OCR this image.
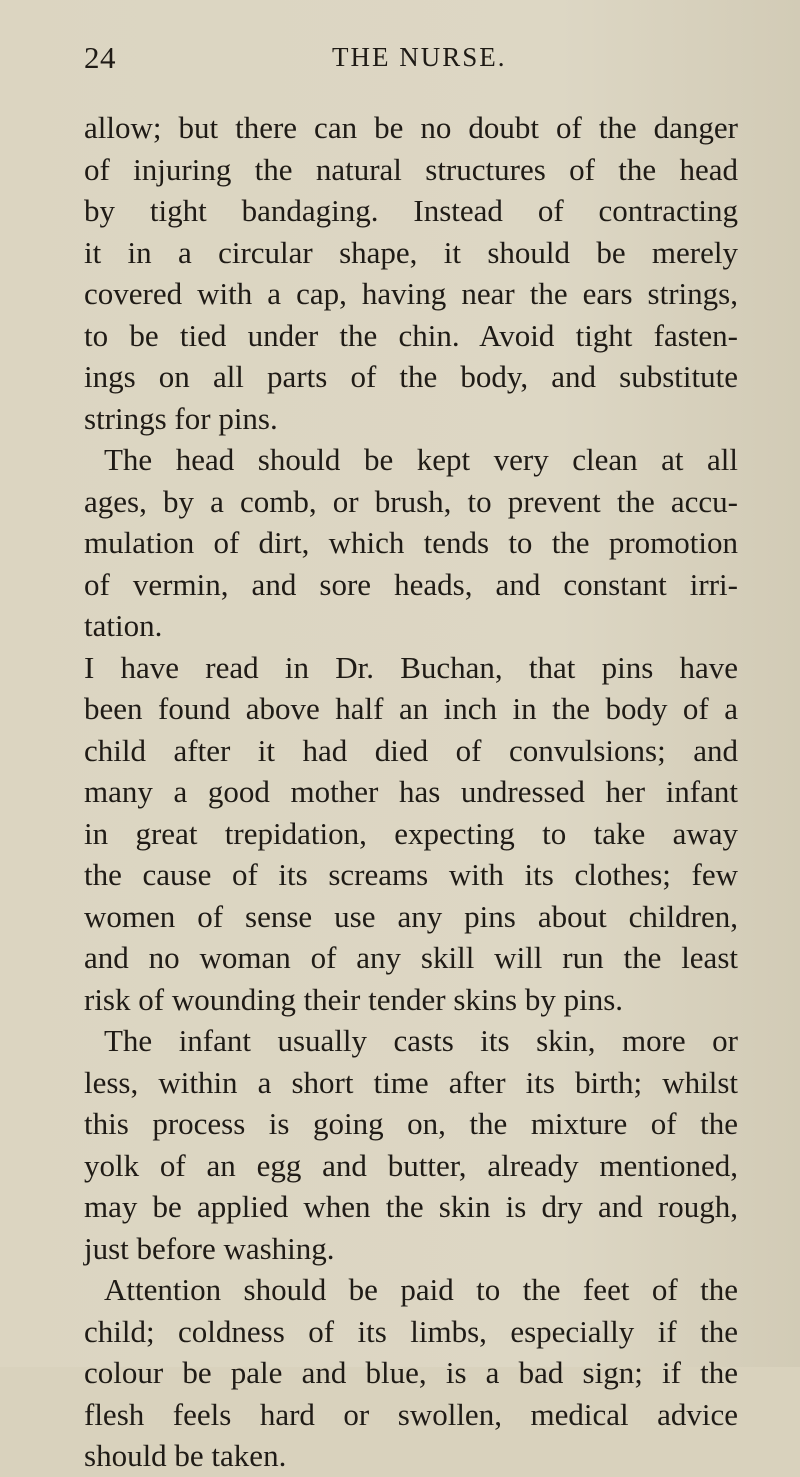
24	THE NURSE.
allow; but there can be no doubt of the danger
of injuring the natural structures of the head
by tight bandaging. Instead of contracting
it in a circular shape, it should be merely
covered with a cap, having near the ears strings,
to be tied under the chin. Avoid tight fasten-
ings on all parts of the body, and substitute
strings for pins.
The head should be kept very clean at all
ages, by a comb, or brush, to prevent the accu-
mulation of dirt, which tends to the promotion
of vermin, and sore heads, and constant irri-
tation.
I have read in Dr. Buchan, that pins have
been found above half an inch in the body of a
child after it had died of convulsions; and
many a good mother has undressed her infant
in great trepidation, expecting to take away
the cause of its screams with its clothes; few
women of sense use any pins about children,
and no woman of any skill will run the least
risk of wounding their tender skins by pins.
The infant usually casts its skin, more or
less, within a short time after its birth; whilst
this process is going on, the mixture of the
yolk of an egg and butter, already mentioned,
may be applied when the skin is dry and rough,
just before washing.
Attention should be paid to the feet of the
child; coldness of its limbs, especially if the
colour be pale and blue, is a bad sign; if the
flesh feels hard or swollen, medical advice
should be taken.
